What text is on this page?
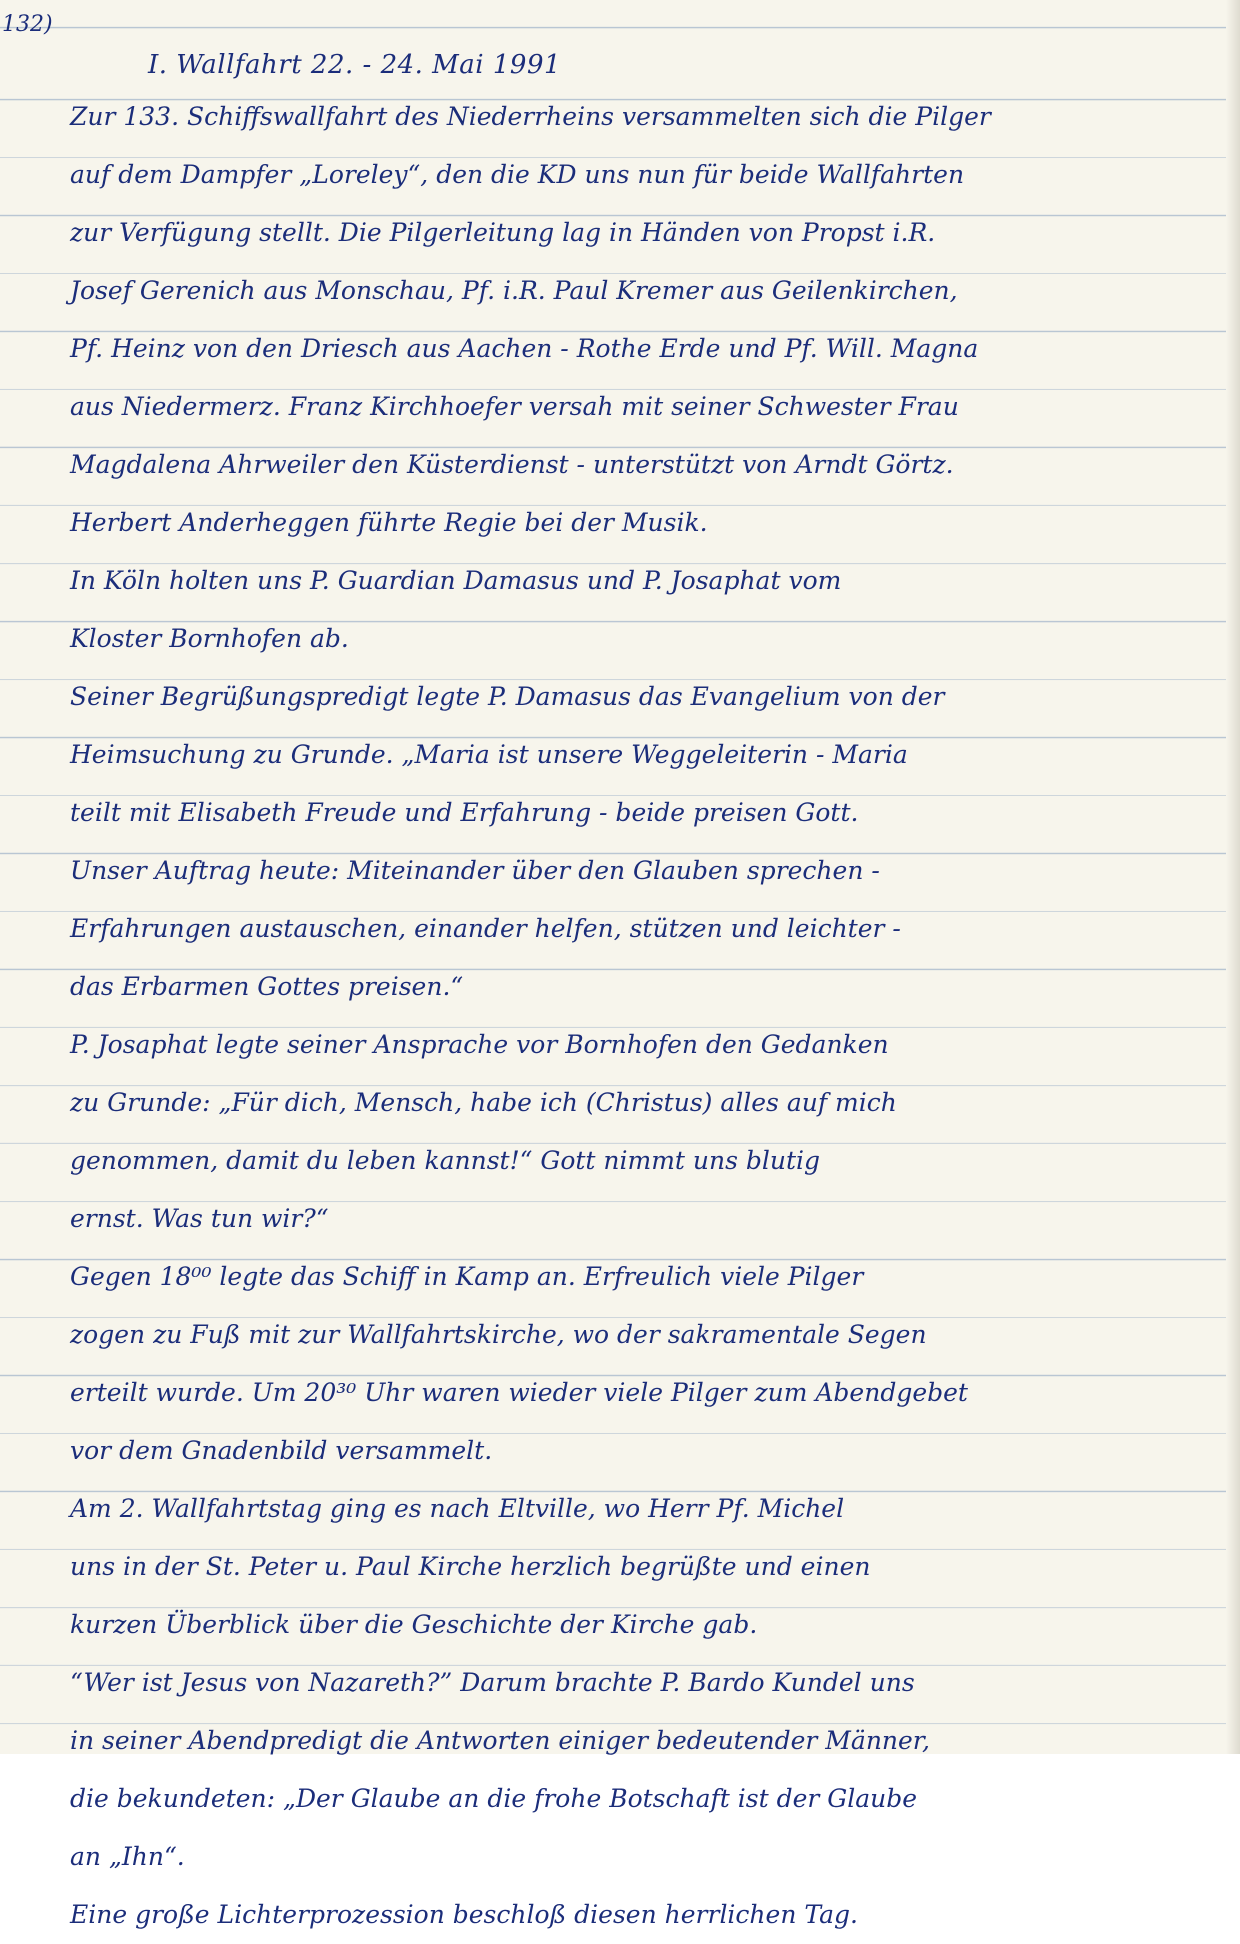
132)
I. Wallfahrt 22. - 24. Mai 1991
Zur 133. Schiffswallfahrt des Niederrheins versammelten sich die Pilger
auf dem Dampfer „Loreley“, den die KD uns nun für beide Wallfahrten
zur Verfügung stellt. Die Pilgerleitung lag in Händen von Propst i.R.
Josef Gerenich aus Monschau, Pf. i.R. Paul Kremer aus Geilenkirchen,
Pf. Heinz von den Driesch aus Aachen - Rothe Erde und Pf. Will. Magna
aus Niedermerz. Franz Kirchhoefer versah mit seiner Schwester Frau
Magdalena Ahrweiler den Küsterdienst - unterstützt von Arndt Görtz.
Herbert Anderheggen führte Regie bei der Musik.
In Köln holten uns P. Guardian Damasus und P. Josaphat vom
Kloster Bornhofen ab.
Seiner Begrüßungspredigt legte P. Damasus das Evangelium von der
Heimsuchung zu Grunde. „Maria ist unsere Weggeleiterin - Maria
teilt mit Elisabeth Freude und Erfahrung - beide preisen Gott.
Unser Auftrag heute: Miteinander über den Glauben sprechen -
Erfahrungen austauschen, einander helfen, stützen und leichter -
das Erbarmen Gottes preisen.“
P. Josaphat legte seiner Ansprache vor Bornhofen den Gedanken
zu Grunde: „Für dich, Mensch, habe ich (Christus) alles auf mich
genommen, damit du leben kannst!“ Gott nimmt uns blutig
ernst. Was tun wir?“
Gegen 18⁰⁰ legte das Schiff in Kamp an. Erfreulich viele Pilger
zogen zu Fuß mit zur Wallfahrtskirche, wo der sakramentale Segen
erteilt wurde. Um 20³⁰ Uhr waren wieder viele Pilger zum Abendgebet
vor dem Gnadenbild versammelt.
Am 2. Wallfahrtstag ging es nach Eltville, wo Herr Pf. Michel
uns in der St. Peter u. Paul Kirche herzlich begrüßte und einen
kurzen Überblick über die Geschichte der Kirche gab.
“Wer ist Jesus von Nazareth?” Darum brachte P. Bardo Kundel uns
in seiner Abendpredigt die Antworten einiger bedeutender Männer,
die bekundeten: „Der Glaube an die frohe Botschaft ist der Glaube
an „Ihn“.
Eine große Lichterprozession beschloß diesen herrlichen Tag.
